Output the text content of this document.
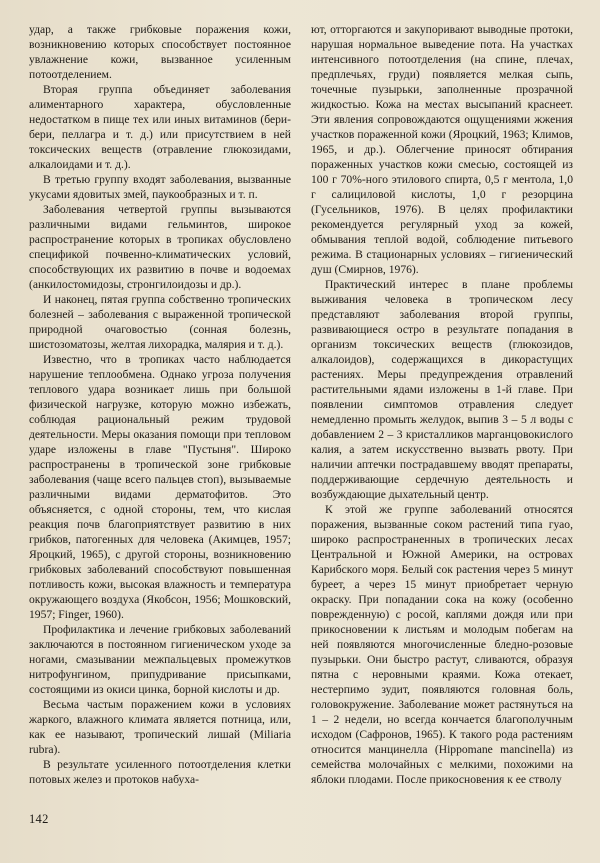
удар, а также грибковые поражения кожи, возникновению которых способствует постоянное увлажнение кожи, вызванное усиленным потоотделением.

Вторая группа объединяет заболевания алиментарного характера, обусловленные недостатком в пище тех или иных витаминов (бери-бери, пеллагра и т. д.) или присутствием в ней токсических веществ (отравление глюкозидами, алкалоидами и т. д.).

В третью группу входят заболевания, вызванные укусами ядовитых змей, паукообразных и т. п.

Заболевания четвертой группы вызываются различными видами гельминтов, широкое распространение которых в тропиках обусловлено спецификой почвенно-климатических условий, способствующих их развитию в почве и водоемах (анкилостомидозы, стронгилоидозы и др.).

И наконец, пятая группа собственно тропических болезней – заболевания с выраженной тропической природной очаговостью (сонная болезнь, шистозоматозы, желтая лихорадка, малярия и т. д.).

Известно, что в тропиках часто наблюдается нарушение теплообмена. Однако угроза получения теплового удара возникает лишь при большой физической нагрузке, которую можно избежать, соблюдая рациональный режим трудовой деятельности. Меры оказания помощи при тепловом ударе изложены в главе "Пустыня". Широко распространены в тропической зоне грибковые заболевания (чаще всего пальцев стоп), вызываемые различными видами дерматофитов. Это объясняется, с одной стороны, тем, что кислая реакция почв благоприятствует развитию в них грибков, патогенных для человека (Акимцев, 1957; Яроцкий, 1965), с другой стороны, возникновению грибковых заболеваний способствуют повышенная потливость кожи, высокая влажность и температура окружающего воздуха (Якобсон, 1956; Мошковский, 1957; Finger, 1960).

Профилактика и лечение грибковых заболеваний заключаются в постоянном гигиеническом уходе за ногами, смазывании межпальцевых промежутков нитрофунгином, припудривание присыпками, состоящими из окиси цинка, борной кислоты и др.

Весьма частым поражением кожи в условиях жаркого, влажного климата является потница, или, как ее называют, тропический лишай (Miliaria rubra).

В результате усиленного потоотделения клетки потовых желез и протоков набуха-

ют, отторгаются и закупоривают выводные протоки, нарушая нормальное выведение пота. На участках интенсивного потоотделения (на спине, плечах, предплечьях, груди) появляется мелкая сыпь, точечные пузырьки, заполненные прозрачной жидкостью. Кожа на местах высыпаний краснеет. Эти явления сопровождаются ощущениями жжения участков пораженной кожи (Яроцкий, 1963; Климов, 1965, и др.). Облегчение приносят обтирания пораженных участков кожи смесью, состоящей из 100 г 70%-ного этилового спирта, 0,5 г ментола, 1,0 г салициловой кислоты, 1,0 г резорцина (Гусельников, 1976). В целях профилактики рекомендуется регулярный уход за кожей, обмывания теплой водой, соблюдение питьевого режима. В стационарных условиях – гигиенический душ (Смирнов, 1976).

Практический интерес в плане проблемы выживания человека в тропическом лесу представляют заболевания второй группы, развивающиеся остро в результате попадания в организм токсических веществ (глюкозидов, алкалоидов), содержащихся в дикорастущих растениях. Меры предупреждения отравлений растительными ядами изложены в 1-й главе. При появлении симптомов отравления следует немедленно промыть желудок, выпив 3 – 5 л воды с добавлением 2 – 3 кристалликов марганцовокислого калия, а затем искусственно вызвать рвоту. При наличии аптечки пострадавшему вводят препараты, поддерживающие сердечную деятельность и возбуждающие дыхательный центр.

К этой же группе заболеваний относятся поражения, вызванные соком растений типа гуао, широко распространенных в тропических лесах Центральной и Южной Америки, на островах Карибского моря. Белый сок растения через 5 минут буреет, а через 15 минут приобретает черную окраску. При попадании сока на кожу (особенно поврежденную) с росой, каплями дождя или при прикосновении к листьям и молодым побегам на ней появляются многочисленные бледно-розовые пузырьки. Они быстро растут, сливаются, образуя пятна с неровными краями. Кожа отекает, нестерпимо зудит, появляются головная боль, головокружение. Заболевание может растянуться на 1 – 2 недели, но всегда кончается благополучным исходом (Сафронов, 1965). К такого рода растениям относится манцинелла (Hippomane mancinella) из семейства молочайных с мелкими, похожими на яблоки плодами. После прикосновения к ее стволу

142
